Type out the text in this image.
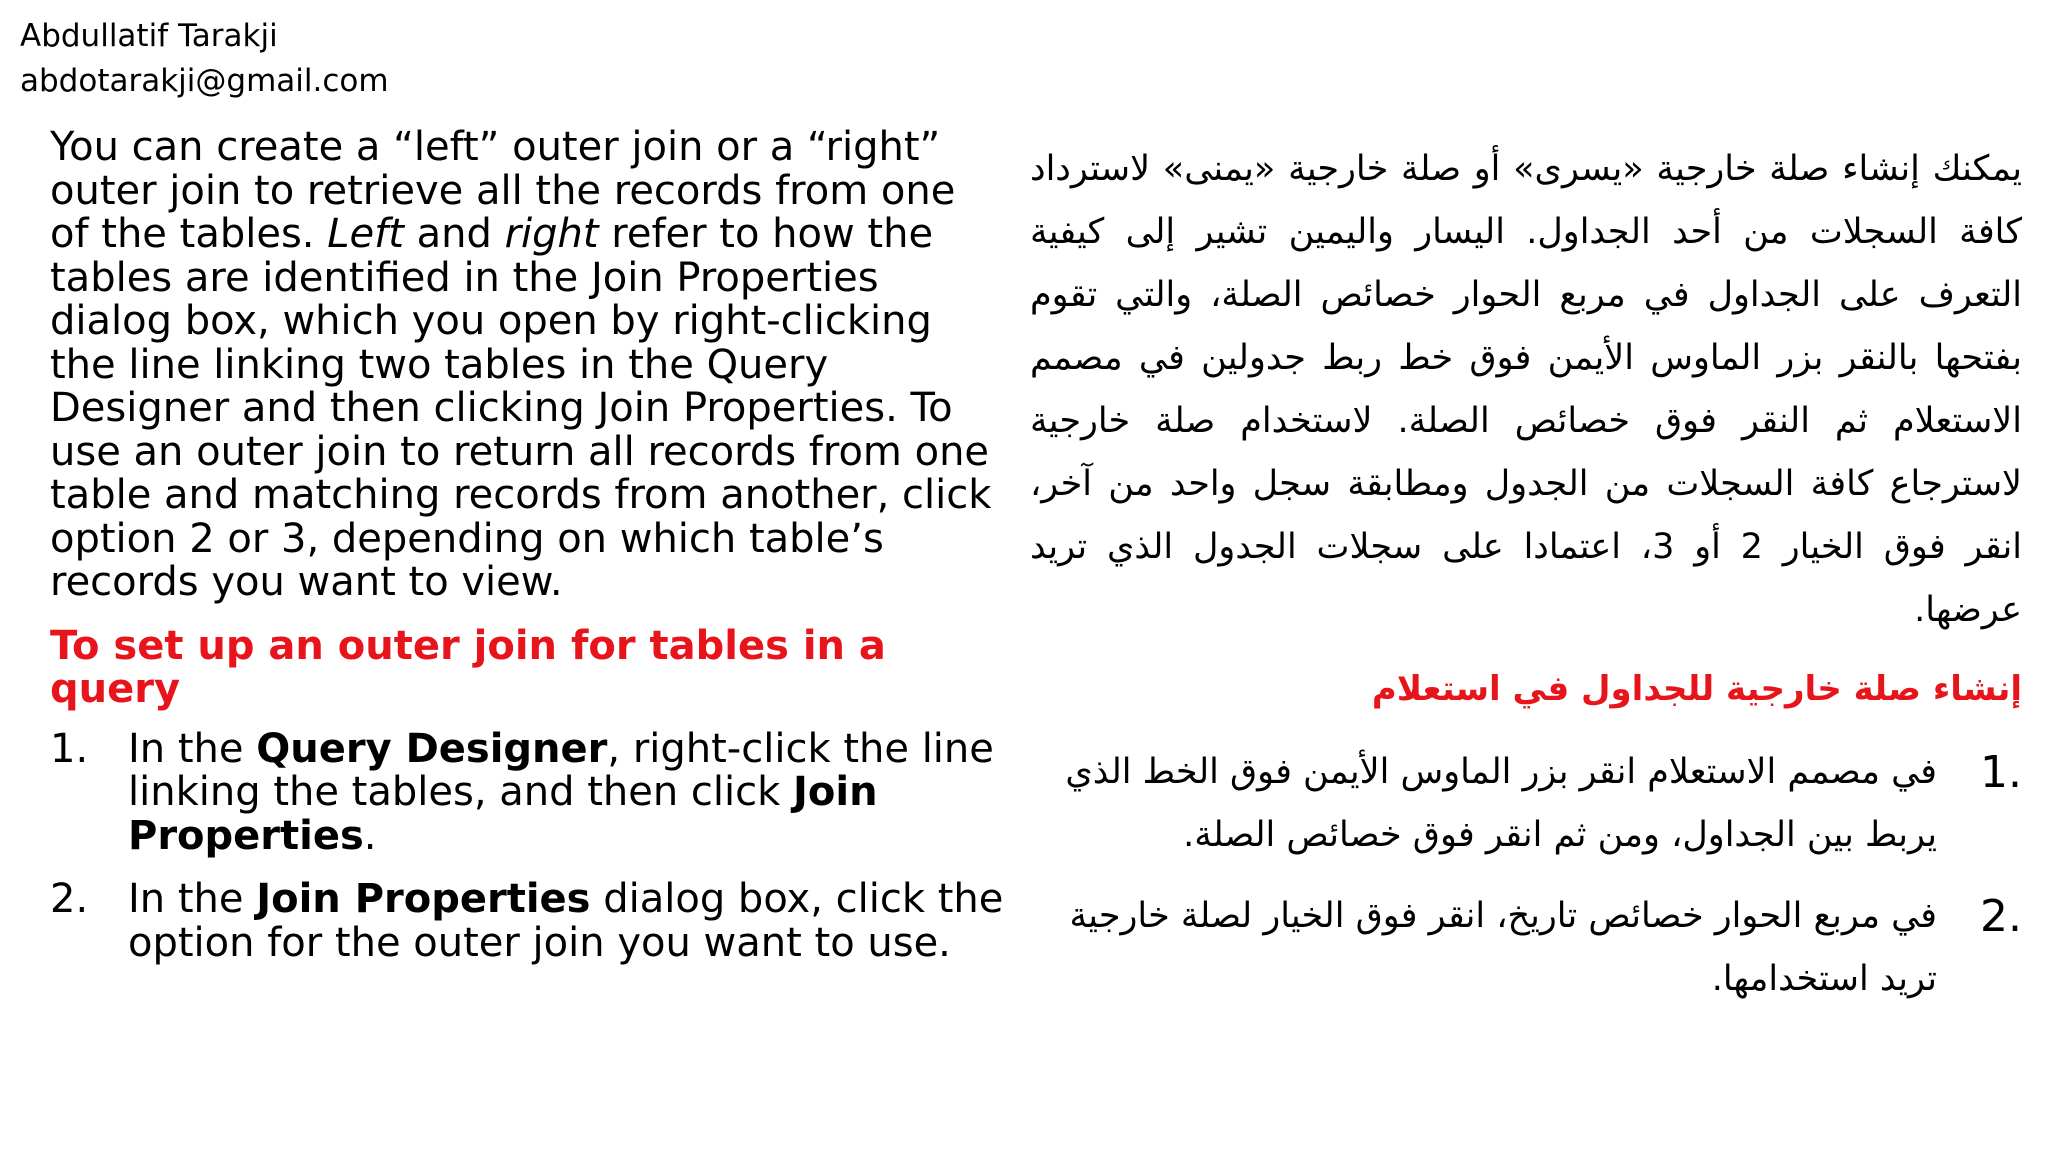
Abdullatif Tarakji
abdotarakji@gmail.com

You can create a “left” outer join or a “right” outer join to retrieve all the records from one of the tables. Left and right refer to how the tables are identified in the Join Properties dialog box, which you open by right-clicking the line linking two tables in the Query Designer and then clicking Join Properties. To use an outer join to return all records from one table and matching records from another, click option 2 or 3, depending on which table’s records you want to view.

To set up an outer join for tables in a query

1. In the Query Designer, right-click the line linking the tables, and then click Join Properties.
2. In the Join Properties dialog box, click the option for the outer join you want to use.

يمكنك إنشاء صلة خارجية «يسرى» أو صلة خارجية «يمنى» لاسترداد كافة السجلات من أحد الجداول. اليسار واليمين تشير إلى كيفية التعرف على الجداول في مربع الحوار خصائص الصلة، والتي تقوم بفتحها بالنقر بزر الماوس الأيمن فوق خط ربط جدولين في مصمم الاستعلام ثم النقر فوق خصائص الصلة. لاستخدام صلة خارجية لاسترجاع كافة السجلات من الجدول ومطابقة سجل واحد من آخر، انقر فوق الخيار 2 أو 3، اعتمادا على سجلات الجدول الذي تريد عرضها.

إنشاء صلة خارجية للجداول في استعلام

1.
في مصمم الاستعلام انقر بزر الماوس الأيمن فوق الخط الذي يربط بين الجداول، ومن ثم انقر فوق خصائص الصلة.
2.
في مربع الحوار خصائص تاريخ، انقر فوق الخيار لصلة خارجية تريد استخدامها.
